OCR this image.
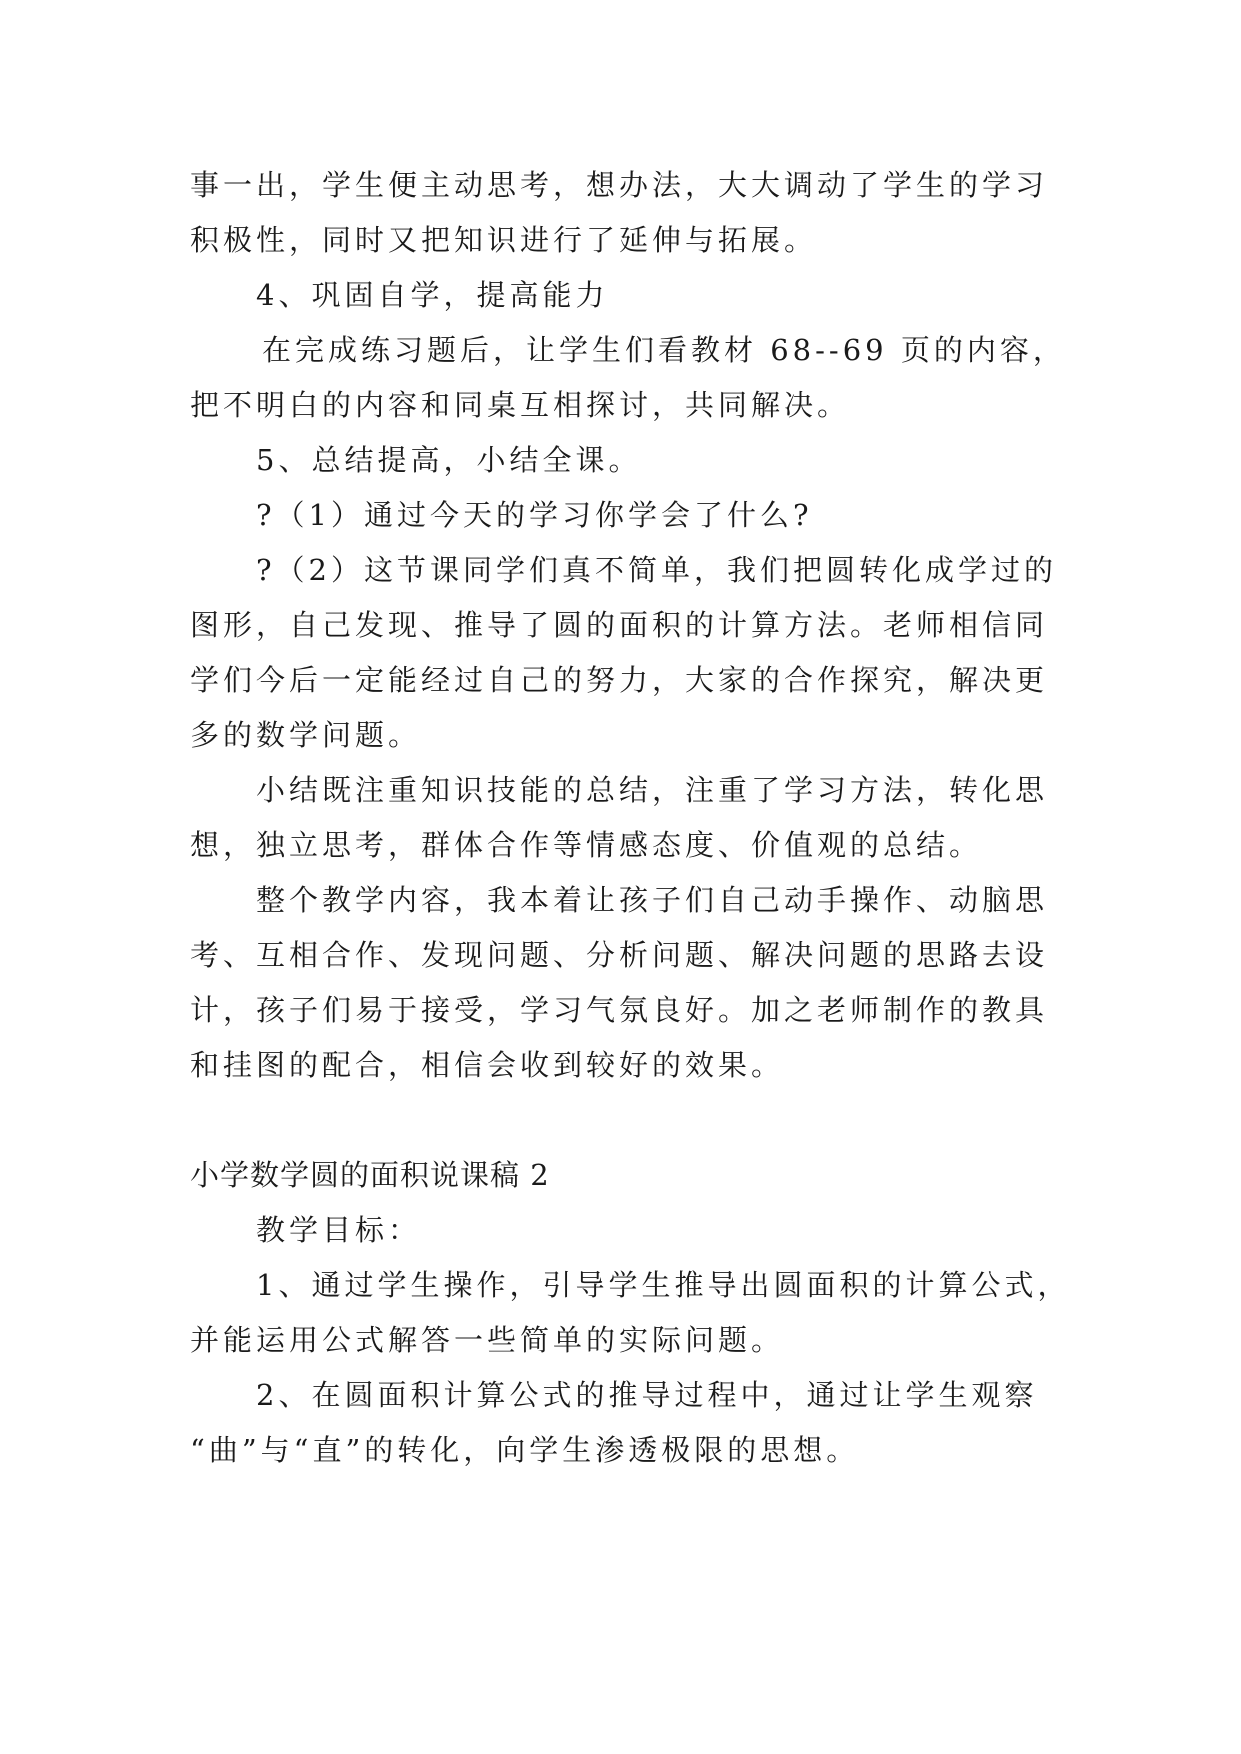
事一出，学生便主动思考，想办法，大大调动了学生的学习
积极性，同时又把知识进行了延伸与拓展。
4、巩固自学，提高能力
在完成练习题后，让学生们看教材 68--69 页的内容，
把不明白的内容和同桌互相探讨，共同解决。
5、总结提高，小结全课。
?（1）通过今天的学习你学会了什么?
?（2）这节课同学们真不简单，我们把圆转化成学过的
图形，自己发现、推导了圆的面积的计算方法。老师相信同
学们今后一定能经过自己的努力，大家的合作探究，解决更
多的数学问题。
小结既注重知识技能的总结，注重了学习方法，转化思
想，独立思考，群体合作等情感态度、价值观的总结。
整个教学内容，我本着让孩子们自己动手操作、动脑思
考、互相合作、发现问题、分析问题、解决问题的思路去设
计，孩子们易于接受，学习气氛良好。加之老师制作的教具
和挂图的配合，相信会收到较好的效果。
小学数学圆的面积说课稿 2
教学目标：
1、通过学生操作，引导学生推导出圆面积的计算公式，
并能运用公式解答一些简单的实际问题。
2、在圆面积计算公式的推导过程中，通过让学生观察
“曲”与“直”的转化，向学生渗透极限的思想。
